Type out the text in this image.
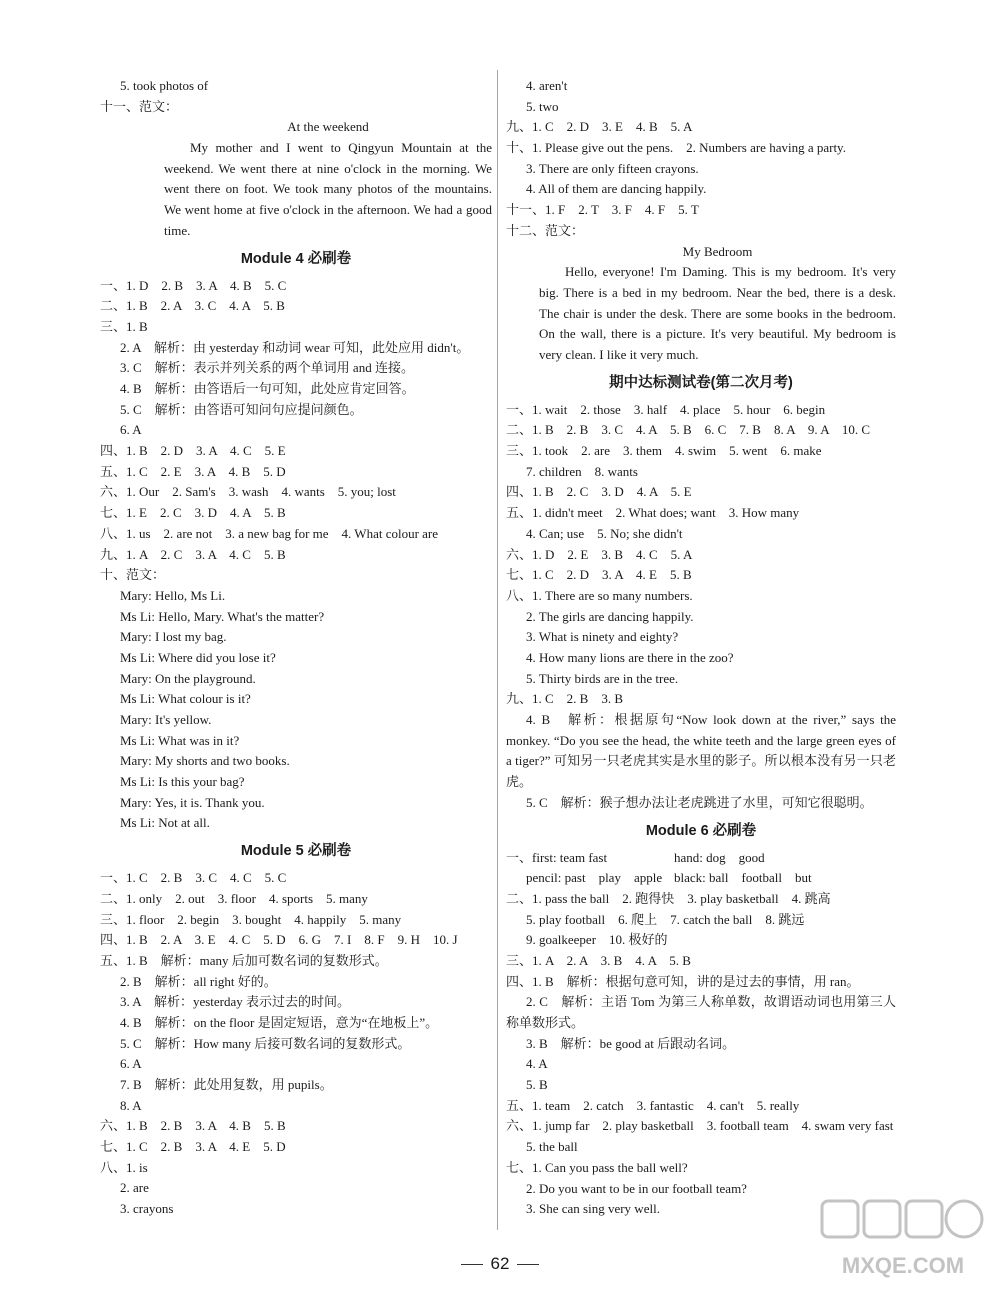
5. took photos of
十一、范文：
At the weekend
My mother and I went to Qingyun Mountain at the weekend. We went there at nine o'clock in the morning. We went there on foot. We took many photos of the mountains. We went home at five o'clock in the afternoon. We had a good time.
Module 4 必刷卷
一、1. D　2. B　3. A　4. B　5. C
二、1. B　2. A　3. C　4. A　5. B
三、1. B
2. A　解析：由 yesterday 和动词 wear 可知，此处应用 didn't。
3. C　解析：表示并列关系的两个单词用 and 连接。
4. B　解析：由答语后一句可知，此处应肯定回答。
5. C　解析：由答语可知问句应提问颜色。
6. A
四、1. B　2. D　3. A　4. C　5. E
五、1. C　2. E　3. A　4. B　5. D
六、1. Our　2. Sam's　3. wash　4. wants　5. you; lost
七、1. E　2. C　3. D　4. A　5. B
八、1. us　2. are not　3. a new bag for me　4. What colour are
九、1. A　2. C　3. A　4. C　5. B
十、范文：
Mary: Hello, Ms Li.
Ms Li: Hello, Mary. What's the matter?
Mary: I lost my bag.
Ms Li: Where did you lose it?
Mary: On the playground.
Ms Li: What colour is it?
Mary: It's yellow.
Ms Li: What was in it?
Mary: My shorts and two books.
Ms Li: Is this your bag?
Mary: Yes, it is. Thank you.
Ms Li: Not at all.
Module 5 必刷卷
一、1. C　2. B　3. C　4. C　5. C
二、1. only　2. out　3. floor　4. sports　5. many
三、1. floor　2. begin　3. bought　4. happily　5. many
四、1. B　2. A　3. E　4. C　5. D　6. G　7. I　8. F　9. H　10. J
五、1. B　解析：many 后加可数名词的复数形式。
2. B　解析：all right 好的。
3. A　解析：yesterday 表示过去的时间。
4. B　解析：on the floor 是固定短语，意为“在地板上”。
5. C　解析：How many 后接可数名词的复数形式。
6. A
7. B　解析：此处用复数，用 pupils。
8. A
六、1. B　2. B　3. A　4. B　5. B
七、1. C　2. B　3. A　4. E　5. D
八、1. is
2. are
3. crayons
4. aren't
5. two
九、1. C　2. D　3. E　4. B　5. A
十、1. Please give out the pens.　2. Numbers are having a party.
3. There are only fifteen crayons.
4. All of them are dancing happily.
十一、1. F　2. T　3. F　4. F　5. T
十二、范文：
My Bedroom
Hello, everyone! I'm Daming. This is my bedroom. It's very big. There is a bed in my bedroom. Near the bed, there is a desk. The chair is under the desk. There are some books in the bedroom. On the wall, there is a picture. It's very beautiful. My bedroom is very clean. I like it very much.
期中达标测试卷(第二次月考)
一、1. wait　2. those　3. half　4. place　5. hour　6. begin
二、1. B　2. B　3. C　4. A　5. B　6. C　7. B　8. A　9. A　10. C
三、1. took　2. are　3. them　4. swim　5. went　6. make
7. children　8. wants
四、1. B　2. C　3. D　4. A　5. E
五、1. didn't meet　2. What does; want　3. How many
4. Can; use　5. No; she didn't
六、1. D　2. E　3. B　4. C　5. A
七、1. C　2. D　3. A　4. E　5. B
八、1. There are so many numbers.
2. The girls are dancing happily.
3. What is ninety and eighty?
4. How many lions are there in the zoo?
5. Thirty birds are in the tree.
九、1. C　2. B　3. B
4. B　解析：根据原句“Now look down at the river,” says the monkey. “Do you see the head, the white teeth and the large green eyes of a tiger?” 可知另一只老虎其实是水里的影子。所以根本没有另一只老虎。
5. C　解析：猴子想办法让老虎跳进了水里，可知它很聪明。
Module 6 必刷卷
一、first: team fast	hand: dog　good
pencil: past　play　apple black: ball　football　but
二、1. pass the ball　2. 跑得快　3. play basketball　4. 跳高
5. play football　6. 爬上　7. catch the ball　8. 跳远
9. goalkeeper　10. 极好的
三、1. A　2. A　3. B　4. A　5. B
四、1. B　解析：根据句意可知，讲的是过去的事情，用 ran。
2. C　解析：主语 Tom 为第三人称单数，故谓语动词也用第三人称单数形式。
3. B　解析：be good at 后跟动名词。
4. A
5. B
五、1. team　2. catch　3. fantastic　4. can't　5. really
六、1. jump far　2. play basketball　3. football team　4. swam very fast
5. the ball
七、1. Can you pass the ball well?
2. Do you want to be in our football team?
3. She can sing very well.
62	MXQE.COM
